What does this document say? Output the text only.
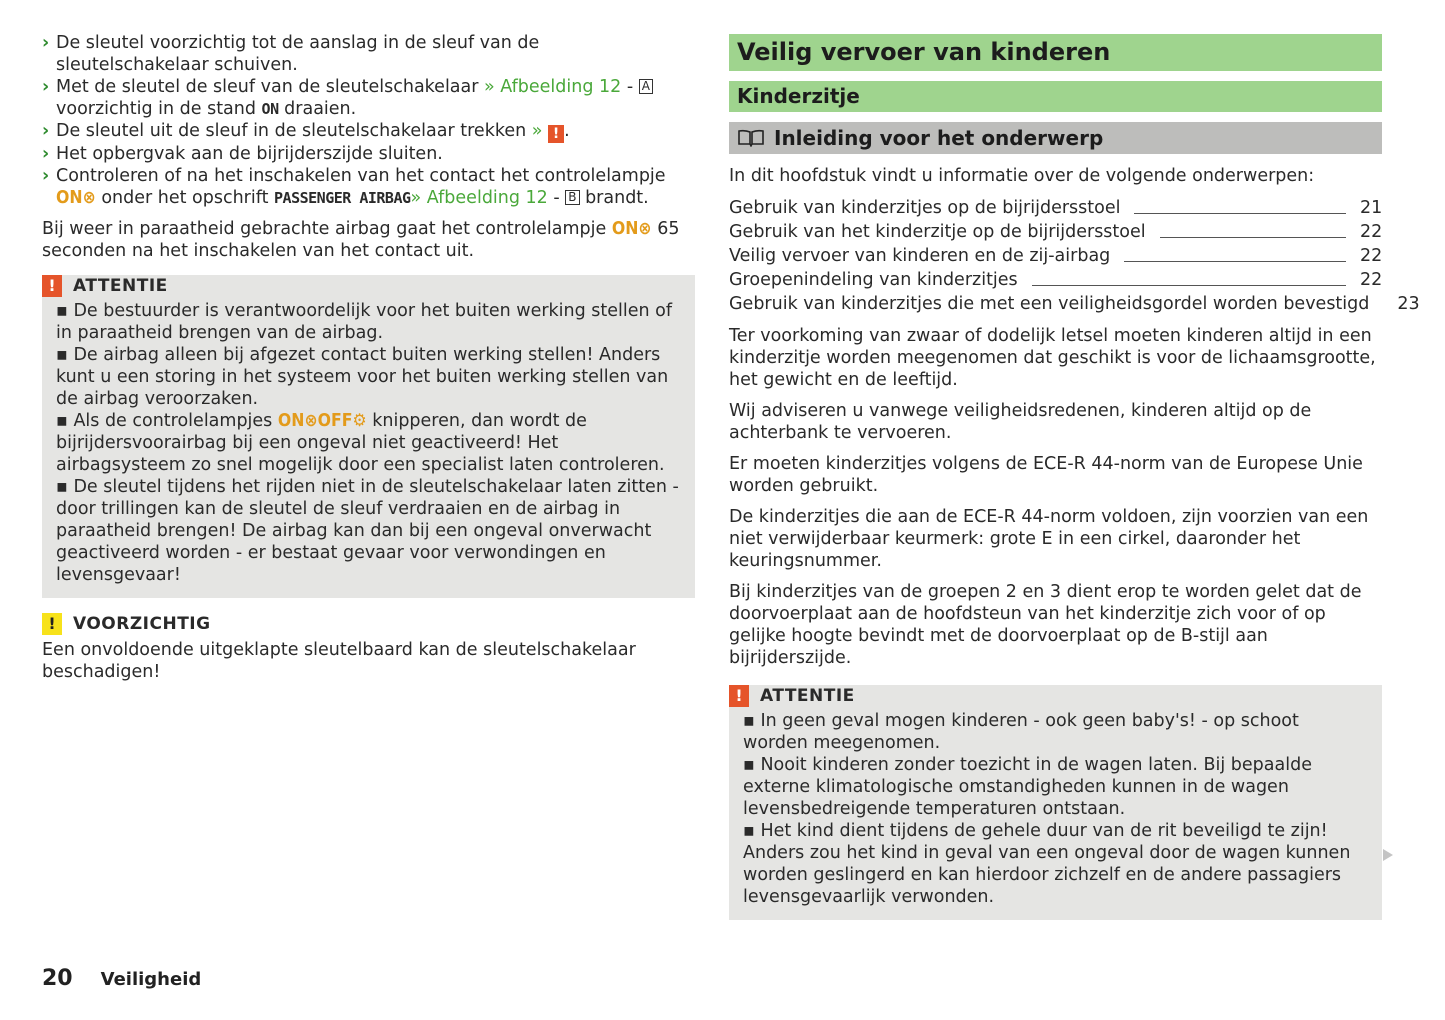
› De sleutel voorzichtig tot de aanslag in de sleuf van de sleutelschakelaar schuiven.
› Met de sleutel de sleuf van de sleutelschakelaar » Afbeelding 12 - A voorzichtig in de stand ON draaien.
› De sleutel uit de sleuf in de sleutelschakelaar trekken » ! .
› Het opbergvak aan de bijrijderszijde sluiten.
› Controleren of na het inschakelen van het contact het controlelampje ON⊗ onder het opschrift PASSENGER AIRBAG» Afbeelding 12 - B brandt.

Bij weer in paraatheid gebrachte airbag gaat het controlelampje ON⊗ 65 seconden na het inschakelen van het contact uit.

!	ATTENTIE

▪ De bestuurder is verantwoordelijk voor het buiten werking stellen of in paraatheid brengen van de airbag.

▪ De airbag alleen bij afgezet contact buiten werking stellen! Anders kunt u een storing in het systeem voor het buiten werking stellen van de airbag veroorzaken.

▪ Als de controlelampjes ON⊗OFF⚙ knipperen, dan wordt de bijrijdersvoorairbag bij een ongeval niet geactiveerd! Het airbagsysteem zo snel mogelijk door een specialist laten controleren.

▪ De sleutel tijdens het rijden niet in de sleutelschakelaar laten zitten - door trillingen kan de sleutel de sleuf verdraaien en de airbag in paraatheid brengen! De airbag kan dan bij een ongeval onverwacht geactiveerd worden - er bestaat gevaar voor verwondingen en levensgevaar!

!	VOORZICHTIG

Een onvoldoende uitgeklapte sleutelbaard kan de sleutelschakelaar beschadigen!

Veilig vervoer van kinderen
Kinderzitje
Inleiding voor het onderwerp

In dit hoofdstuk vindt u informatie over de volgende onderwerpen:

Gebruik van kinderzitjes op de bijrijdersstoel	21
Gebruik van het kinderzitje op de bijrijdersstoel	22
Veilig vervoer van kinderen en de zij-airbag	22
Groepenindeling van kinderzitjes	22
Gebruik van kinderzitjes die met een veiligheidsgordel worden bevestigd 23

Ter voorkoming van zwaar of dodelijk letsel moeten kinderen altijd in een kinderzitje worden meegenomen dat geschikt is voor de lichaamsgrootte, het gewicht en de leeftijd.

Wij adviseren u vanwege veiligheidsredenen, kinderen altijd op de achterbank te vervoeren.

Er moeten kinderzitjes volgens de ECE-R 44-norm van de Europese Unie worden gebruikt.

De kinderzitjes die aan de ECE-R 44-norm voldoen, zijn voorzien van een niet verwijderbaar keurmerk: grote E in een cirkel, daaronder het keuringsnummer.

Bij kinderzitjes van de groepen 2 en 3 dient erop te worden gelet dat de doorvoerplaat aan de hoofdsteun van het kinderzitje zich voor of op gelijke hoogte bevindt met de doorvoerplaat op de B-stijl aan bijrijderszijde.

!	ATTENTIE

▪ In geen geval mogen kinderen - ook geen baby's! - op schoot worden meegenomen.

▪ Nooit kinderen zonder toezicht in de wagen laten. Bij bepaalde externe klimatologische omstandigheden kunnen in de wagen levensbedreigende temperaturen ontstaan.

▪ Het kind dient tijdens de gehele duur van de rit beveiligd te zijn! Anders zou het kind in geval van een ongeval door de wagen kunnen worden geslingerd en kan hierdoor zichzelf en de andere passagiers levensgevaarlijk verwonden.

20 Veiligheid
